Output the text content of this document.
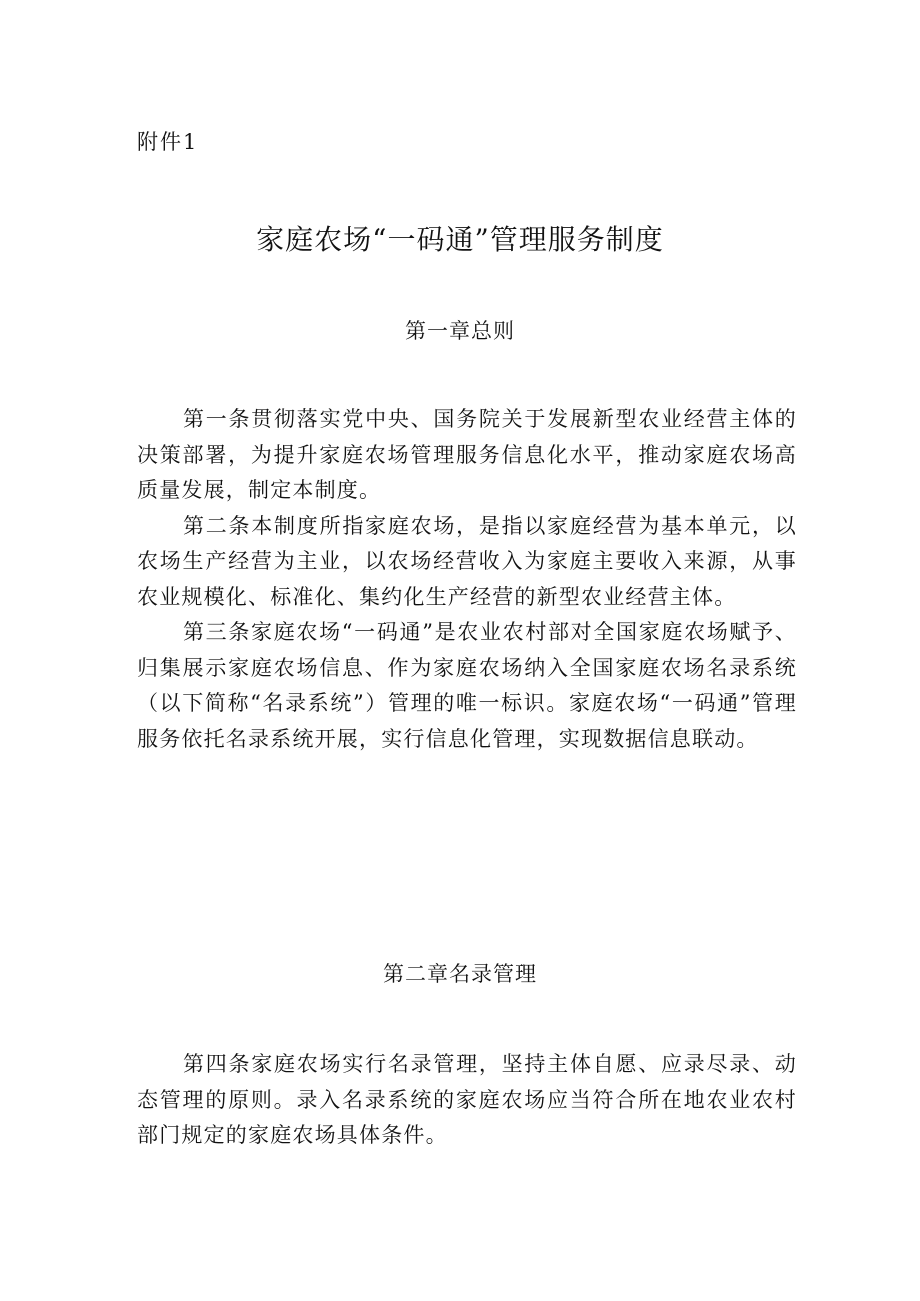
附件1
家庭农场“一码通”管理服务制度
第一章总则

第一条贯彻落实党中央、国务院关于发展新型农业经营主体的决策部署，为提升家庭农场管理服务信息化水平，推动家庭农场高质量发展，制定本制度。

第二条本制度所指家庭农场，是指以家庭经营为基本单元，以农场生产经营为主业，以农场经营收入为家庭主要收入来源，从事农业规模化、标准化、集约化生产经营的新型农业经营主体。

第三条家庭农场“一码通”是农业农村部对全国家庭农场赋予、归集展示家庭农场信息、作为家庭农场纳入全国家庭农场名录系统（以下简称“名录系统”）管理的唯一标识。家庭农场“一码通”管理服务依托名录系统开展，实行信息化管理，实现数据信息联动。

第二章名录管理

第四条家庭农场实行名录管理，坚持主体自愿、应录尽录、动态管理的原则。录入名录系统的家庭农场应当符合所在地农业农村部门规定的家庭农场具体条件。
